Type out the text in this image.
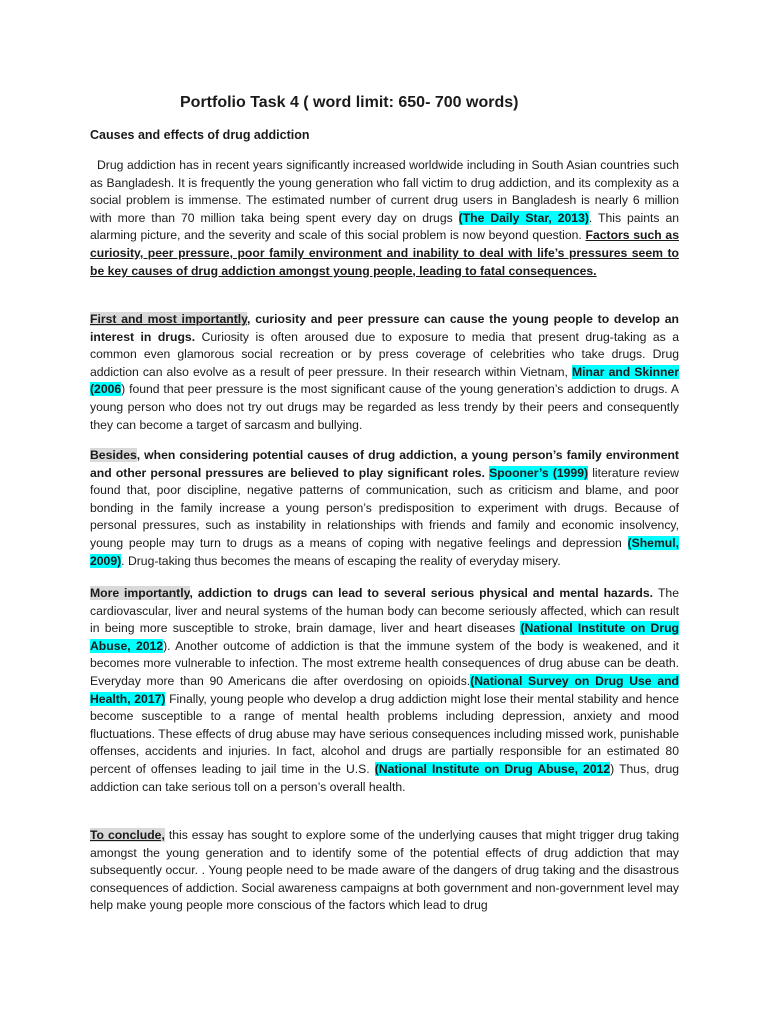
Portfolio Task 4 ( word limit: 650- 700 words)
Causes and effects of drug addiction
Drug addiction has in recent years significantly increased worldwide including in South Asian countries such as Bangladesh. It is frequently the young generation who fall victim to drug addiction, and its complexity as a social problem is immense. The estimated number of current drug users in Bangladesh is nearly 6 million with more than 70 million taka being spent every day on drugs (The Daily Star, 2013). This paints an alarming picture, and the severity and scale of this social problem is now beyond question. Factors such as curiosity, peer pressure, poor family environment and inability to deal with life’s pressures seem to be key causes of drug addiction amongst young people, leading to fatal consequences.
First and most importantly, curiosity and peer pressure can cause the young people to develop an interest in drugs. Curiosity is often aroused due to exposure to media that present drug-taking as a common even glamorous social recreation or by press coverage of celebrities who take drugs. Drug addiction can also evolve as a result of peer pressure. In their research within Vietnam, Minar and Skinner (2006) found that peer pressure is the most significant cause of the young generation’s addiction to drugs. A young person who does not try out drugs may be regarded as less trendy by their peers and consequently they can become a target of sarcasm and bullying.
Besides, when considering potential causes of drug addiction, a young person’s family environment and other personal pressures are believed to play significant roles. Spooner’s (1999) literature review found that, poor discipline, negative patterns of communication, such as criticism and blame, and poor bonding in the family increase a young person’s predisposition to experiment with drugs. Because of personal pressures, such as instability in relationships with friends and family and economic insolvency, young people may turn to drugs as a means of coping with negative feelings and depression (Shemul, 2009). Drug-taking thus becomes the means of escaping the reality of everyday misery.
More importantly, addiction to drugs can lead to several serious physical and mental hazards. The cardiovascular, liver and neural systems of the human body can become seriously affected, which can result in being more susceptible to stroke, brain damage, liver and heart diseases (National Institute on Drug Abuse, 2012). Another outcome of addiction is that the immune system of the body is weakened, and it becomes more vulnerable to infection. The most extreme health consequences of drug abuse can be death. Everyday more than 90 Americans die after overdosing on opioids.(National Survey on Drug Use and Health, 2017) Finally, young people who develop a drug addiction might lose their mental stability and hence become susceptible to a range of mental health problems including depression, anxiety and mood fluctuations. These effects of drug abuse may have serious consequences including missed work, punishable offenses, accidents and injuries. In fact, alcohol and drugs are partially responsible for an estimated 80 percent of offenses leading to jail time in the U.S. (National Institute on Drug Abuse, 2012) Thus, drug addiction can take serious toll on a person’s overall health.
To conclude, this essay has sought to explore some of the underlying causes that might trigger drug taking amongst the young generation and to identify some of the potential effects of drug addiction that may subsequently occur. . Young people need to be made aware of the dangers of drug taking and the disastrous consequences of addiction. Social awareness campaigns at both government and non-government level may help make young people more conscious of the factors which lead to drug
